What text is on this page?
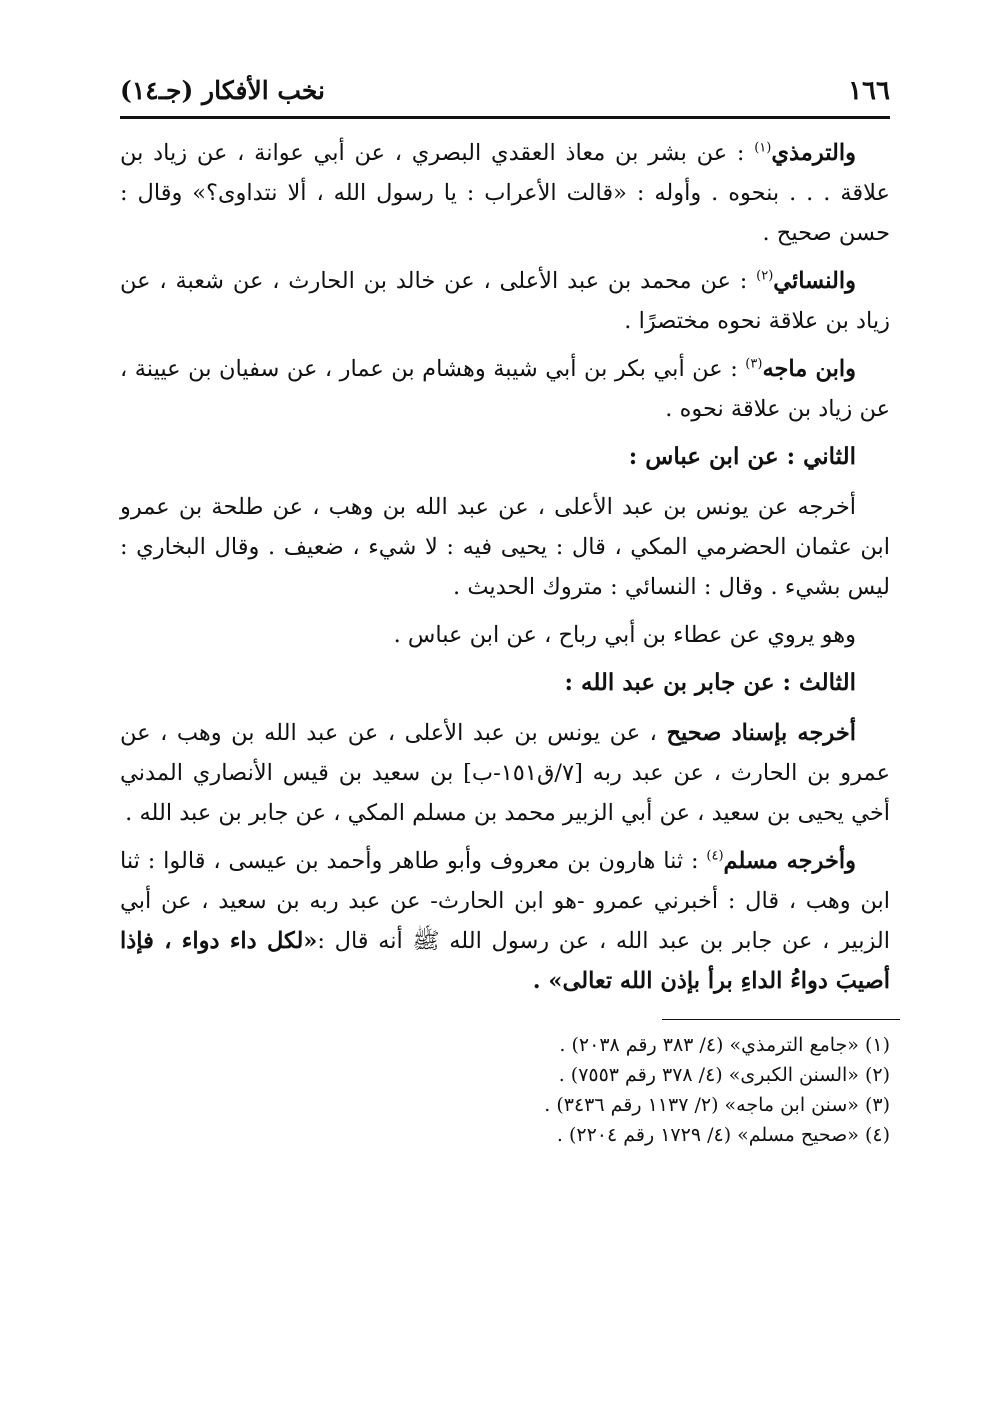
١٦٦
نخب الأفكار (جـ١٤)

والترمذي$^{(١)}$ : عن بشر بن معاذ العقدي البصري ، عن أبي عوانة ، عن زياد بن علاقة . . . بنحوه . وأوله : «قالت الأعراب : يا رسول الله ، ألا نتداوى؟» وقال : حسن صحيح .

والنسائي$^{(٢)}$ : عن محمد بن عبد الأعلى ، عن خالد بن الحارث ، عن شعبة ، عن زياد بن علاقة نحوه مختصرًا .

وابن ماجه$^{(٣)}$ : عن أبي بكر بن أبي شيبة وهشام بن عمار ، عن سفيان بن عيينة ، عن زياد بن علاقة نحوه .

الثاني : عن ابن عباس :

أخرجه عن يونس بن عبد الأعلى ، عن عبد الله بن وهب ، عن طلحة بن عمرو ابن عثمان الحضرمي المكي ، قال : يحيى فيه : لا شيء ، ضعيف . وقال البخاري : ليس بشيء . وقال : النسائي : متروك الحديث .

وهو يروي عن عطاء بن أبي رباح ، عن ابن عباس .

الثالث : عن جابر بن عبد الله :

أخرجه بإسناد صحيح ، عن يونس بن عبد الأعلى ، عن عبد الله بن وهب ، عن عمرو بن الحارث ، عن عبد ربه [٧/ق١٥١-ب] بن سعيد بن قيس الأنصاري المدني أخي يحيى بن سعيد ، عن أبي الزبير محمد بن مسلم المكي ، عن جابر بن عبد الله .

وأخرجه مسلم$^{(٤)}$ : ثنا هارون بن معروف وأبو طاهر وأحمد بن عيسى ، قالوا : ثنا ابن وهب ، قال : أخبرني عمرو -هو ابن الحارث- عن عبد ربه بن سعيد ، عن أبي الزبير ، عن جابر بن عبد الله ، عن رسول الله ﷺ أنه قال :«لكل داء دواء ، فإذا أصيبَ دواءُ الداءِ برأ بإذن الله تعالى» .

(١) «جامع الترمذي» (٤/ ٣٨٣ رقم ٢٠٣٨) .

(٢) «السنن الكبرى» (٤/ ٣٧٨ رقم ٧٥٥٣) .

(٣) «سنن ابن ماجه» (٢/ ١١٣٧ رقم ٣٤٣٦) .

(٤) «صحيح مسلم» (٤/ ١٧٢٩ رقم ٢٢٠٤) .
